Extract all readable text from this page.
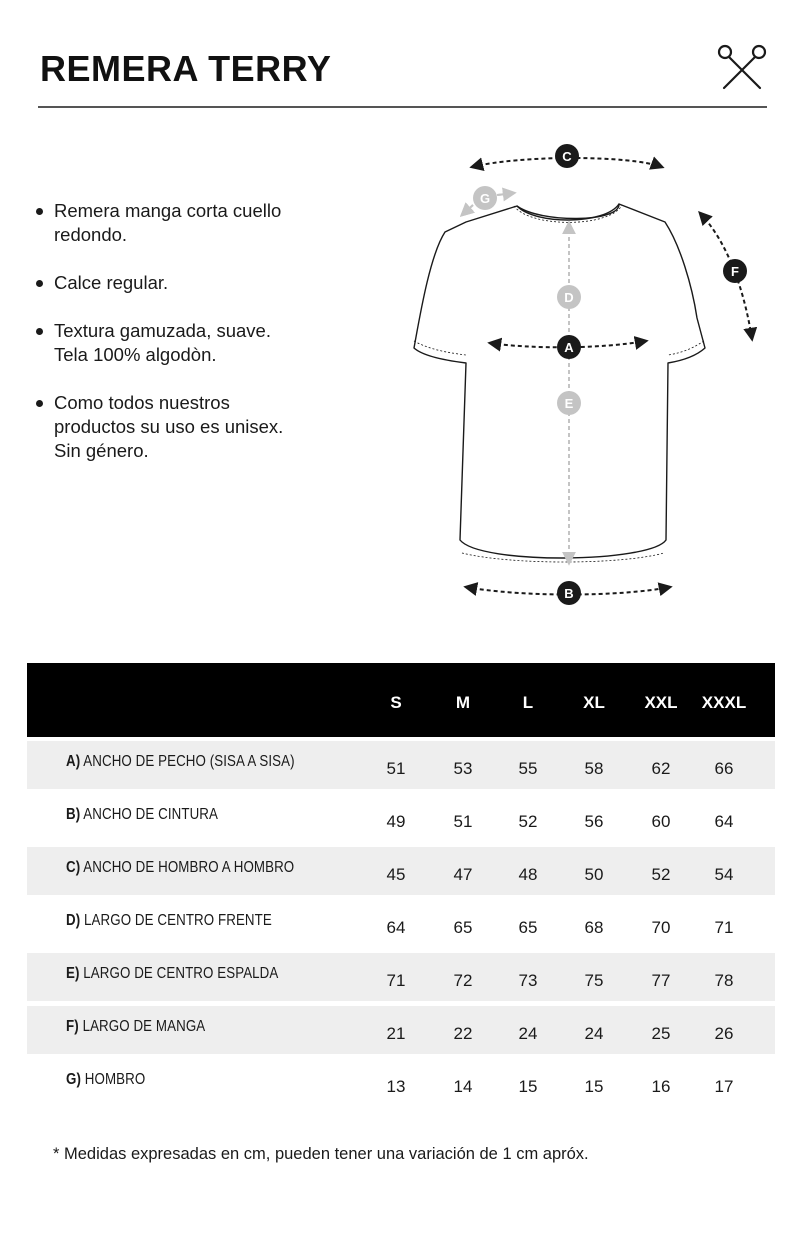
REMERA TERRY
Remera manga corta cuello
redondo.
Calce regular.
Textura gamuzada, suave.
Tela 100% algodòn.
Como todos nuestros
productos su uso es unisex.
Sin género.
C
G
F
D
A
E
B
S	M	L	XL	XXL	XXXL
A) ANCHO DE PECHO (SISA A SISA)	51	53	55	58	62	66
B) ANCHO DE CINTURA	49	51	52	56	60	64
C) ANCHO DE HOMBRO A HOMBRO	45	47	48	50	52	54
D) LARGO DE CENTRO FRENTE	64	65	65	68	70	71
E) LARGO DE CENTRO ESPALDA	71	72	73	75	77	78
F) LARGO DE MANGA	21	22	24	24	25	26
G) HOMBRO	13	14	15	15	16	17
* Medidas expresadas en cm, pueden tener una variación de 1 cm apróx.
